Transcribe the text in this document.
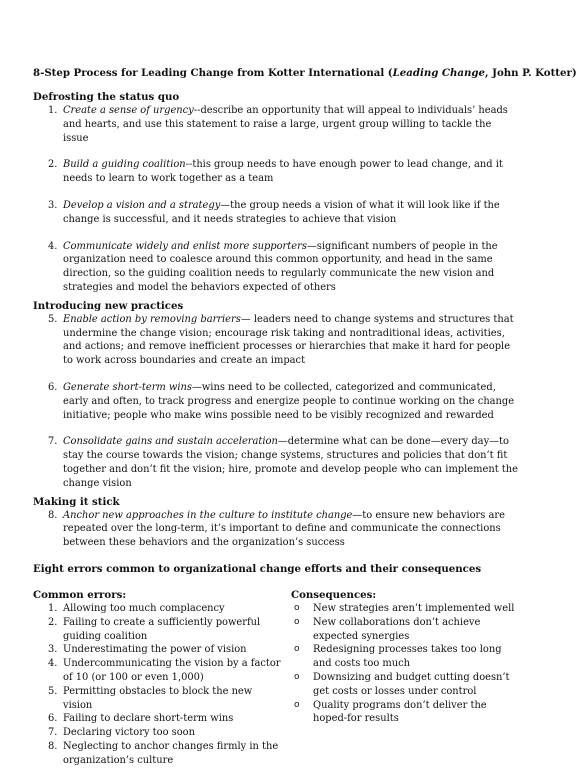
8-Step Process for Leading Change from Kotter International (Leading Change, John P. Kotter)

Defrosting the status quo

1. Create a sense of urgency--describe an opportunity that will appeal to individuals’ heads and hearts, and use this statement to raise a large, urgent group willing to tackle the issue
2. Build a guiding coalition--this group needs to have enough power to lead change, and it needs to learn to work together as a team
3. Develop a vision and a strategy—the group needs a vision of what it will look like if the change is successful, and it needs strategies to achieve that vision
4. Communicate widely and enlist more supporters—significant numbers of people in the organization need to coalesce around this common opportunity, and head in the same direction, so the guiding coalition needs to regularly communicate the new vision and strategies and model the behaviors expected of others

Introducing new practices

5. Enable action by removing barriers— leaders need to change systems and structures that undermine the change vision; encourage risk taking and nontraditional ideas, activities, and actions; and remove inefficient processes or hierarchies that make it hard for people to work across boundaries and create an impact
6. Generate short-term wins—wins need to be collected, categorized and communicated, early and often, to track progress and energize people to continue working on the change initiative; people who make wins possible need to be visibly recognized and rewarded
7. Consolidate gains and sustain acceleration—determine what can be done—every day—to stay the course towards the vision; change systems, structures and policies that don’t fit together and don’t fit the vision; hire, promote and develop people who can implement the change vision

Making it stick

8. Anchor new approaches in the culture to institute change—to ensure new behaviors are repeated over the long-term, it’s important to define and communicate the connections between these behaviors and the organization’s success

Eight errors common to organizational change efforts and their consequences

Common errors:
1. Allowing too much complacency
2. Failing to create a sufficiently powerful guiding coalition
3. Underestimating the power of vision
4. Undercommunicating the vision by a factor of 10 (or 100 or even 1,000)
5. Permitting obstacles to block the new vision
6. Failing to declare short-term wins
7. Declaring victory too soon
8. Neglecting to anchor changes firmly in the organization’s culture
Consequences:
o New strategies aren’t implemented well
o New collaborations don’t achieve expected synergies
o Redesigning processes takes too long and costs too much
o Downsizing and budget cutting doesn’t get costs or losses under control
o Quality programs don’t deliver the hoped-for results
